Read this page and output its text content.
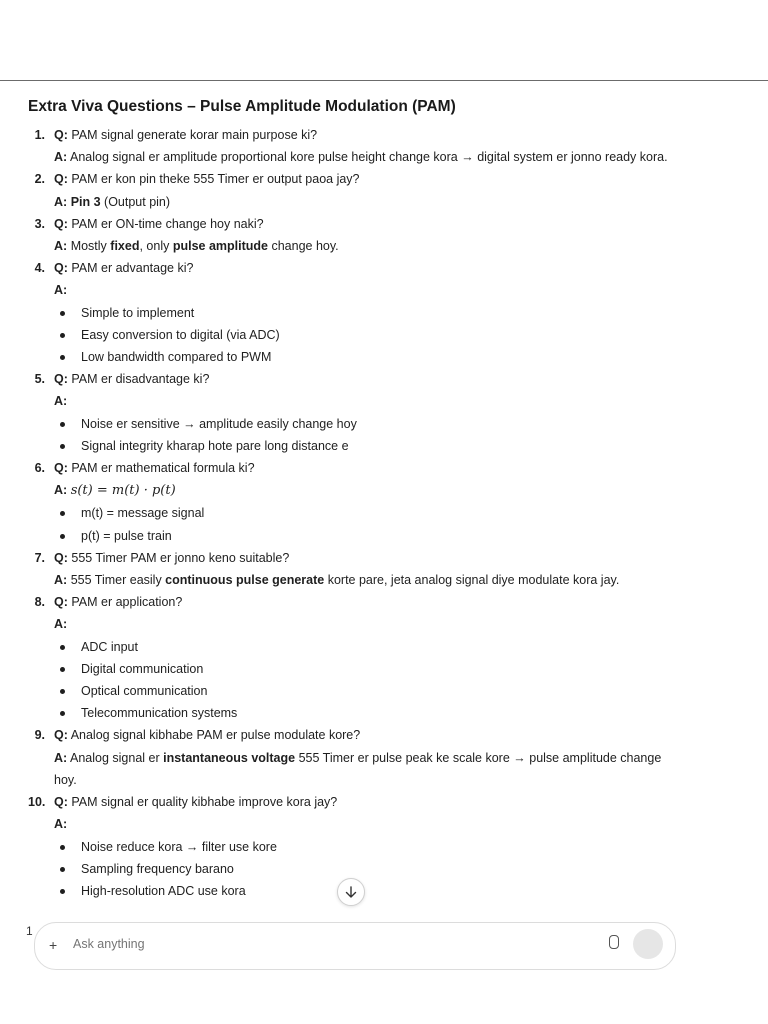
Extra Viva Questions – Pulse Amplitude Modulation (PAM)
1. Q: PAM signal generate korar main purpose ki?

A: Analog signal er amplitude proportional kore pulse height change kora → digital system er jonno ready kora.

2. Q: PAM er kon pin theke 555 Timer er output paoa jay?

A: Pin 3 (Output pin)

3. Q: PAM er ON-time change hoy naki?

A: Mostly fixed, only pulse amplitude change hoy.

4. Q: PAM er advantage ki?

A:

Simple to implement
Easy conversion to digital (via ADC)
Low bandwidth compared to PWM
5. Q: PAM er disadvantage ki?

A:

Noise er sensitive → amplitude easily change hoy
Signal integrity kharap hote pare long distance e
6. Q: PAM er mathematical formula ki?

A: s(t) = m(t) · p(t)

m(t) = message signal
p(t) = pulse train
7. Q: 555 Timer PAM er jonno keno suitable?

A: 555 Timer easily continuous pulse generate korte pare, jeta analog signal diye modulate kora jay.

8. Q: PAM er application?

A:

ADC input
Digital communication
Optical communication
Telecommunication systems
9. Q: Analog signal kibhabe PAM er pulse modulate kore?

A: Analog signal er instantaneous voltage 555 Timer er pulse peak ke scale kore → pulse amplitude change hoy.

10. Q: PAM signal er quality kibhabe improve kora jay?

A:

Noise reduce kora → filter use kore
Sampling frequency barano
High-resolution ADC use kora
1
+
Ask anything
